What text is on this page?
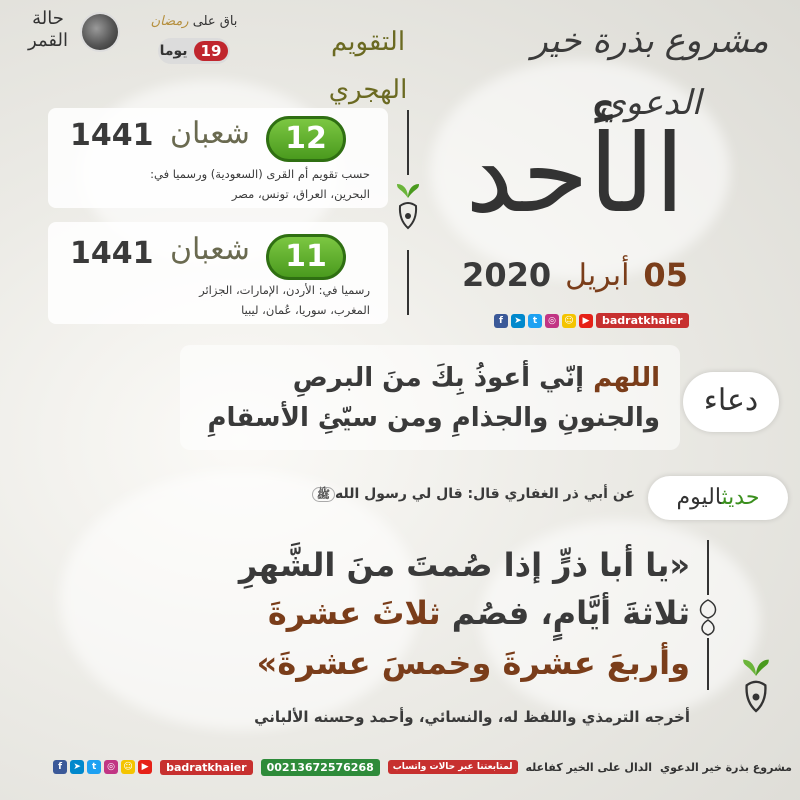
مشروع بذرة خير الدعوي
التقويم الهجري
باق على رمضان
19
يوما
حالة القمر
12
شعبان
1441
حسب تقويم أم القرى (السعودية) ورسميا في:
البحرين، العراق، تونس، مصر
11
شعبان
1441
رسميا في: الأردن، الإمارات، الجزائر
المغرب، سوريا، عُمان، ليبيا
الأحد
05
أبريل
2020
f	➤	t	◎ ☺ ▶	badratkhaier
اللهم إنّي أعوذُ بِكَ منَ البرصِ
والجنونِ والجذامِ ومن سيّئِ الأسقامِ	دعاء
حديثاليوم
عن أبي ذر الغفاري قال: قال لي رسول اللهﷺ
«يا أبا ذرٍّ إذا صُمتَ منَ الشَّهرِ
ثلاثةَ أيَّامٍ، فصُم ثلاثَ عشرةَ
وأربعَ عشرةَ وخمسَ عشرةَ»
أخرجه الترمذي واللفظ له، والنسائي، وأحمد وحسنه الألباني
مشروع بذرة خير الدعوي
الدال على الخير كفاعله
لمتابعتنا عبر حالات واتساب
00213672576268
badratkhaier
f	➤	t	◎ ☺ ▶
